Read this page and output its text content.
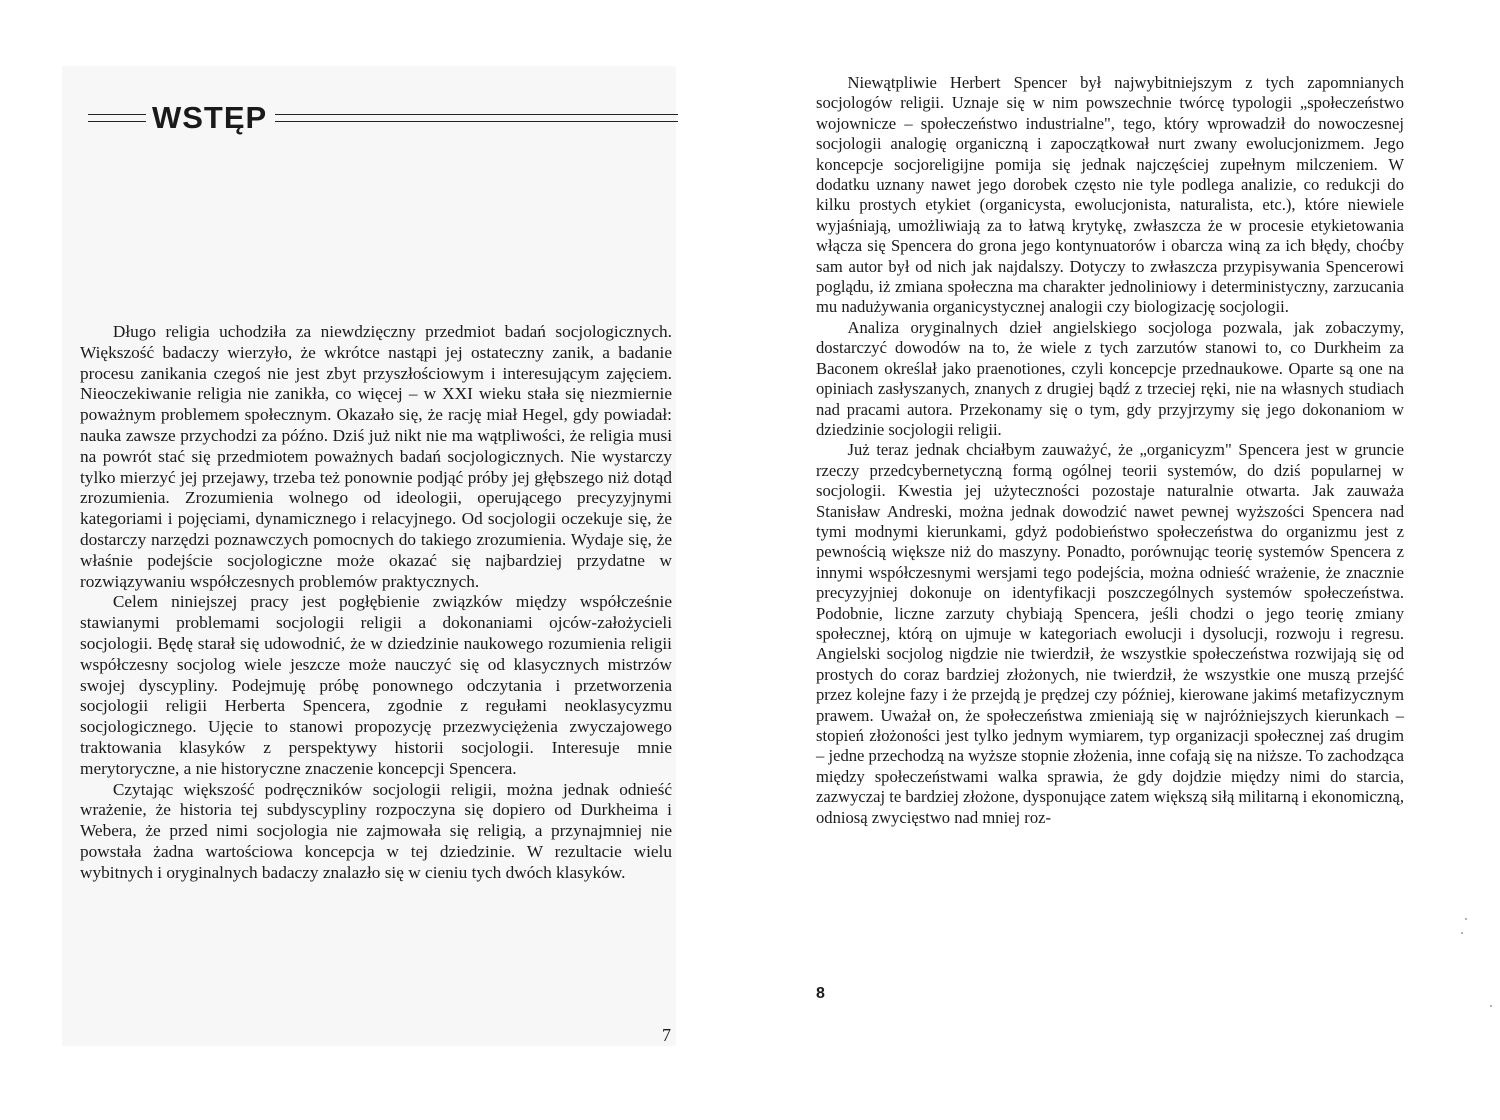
WSTĘP

Długo religia uchodziła za niewdzięczny przedmiot badań socjologicznych. Większość badaczy wierzyło, że wkrótce nastąpi jej ostateczny zanik, a badanie procesu zanikania czegoś nie jest zbyt przyszłościowym i interesującym zajęciem. Nieoczekiwanie religia nie zanikła, co więcej – w XXI wieku stała się niezmiernie poważnym problemem społecznym. Okazało się, że rację miał Hegel, gdy powiadał: nauka zawsze przychodzi za późno. Dziś już nikt nie ma wątpliwości, że religia musi na powrót stać się przedmiotem poważnych badań socjologicznych. Nie wystarczy tylko mierzyć jej przejawy, trzeba też ponownie podjąć próby jej głębszego niż dotąd zrozumienia. Zrozumienia wolnego od ideologii, operującego precyzyjnymi kategoriami i pojęciami, dynamicznego i relacyjnego. Od socjologii oczekuje się, że dostarczy narzędzi poznawczych pomocnych do takiego zrozumienia. Wydaje się, że właśnie podejście socjologiczne może okazać się najbardziej przydatne w rozwiązywaniu współczesnych problemów praktycznych.

Celem niniejszej pracy jest pogłębienie związków między współcześnie stawianymi problemami socjologii religii a dokonaniami ojców-założycieli socjologii. Będę starał się udowodnić, że w dziedzinie naukowego rozumienia religii współczesny socjolog wiele jeszcze może nauczyć się od klasycznych mistrzów swojej dyscypliny. Podejmuję próbę ponownego odczytania i przetworzenia socjologii religii Herberta Spencera, zgodnie z regułami neoklasycyzmu socjologicznego. Ujęcie to stanowi propozycję przezwyciężenia zwyczajowego traktowania klasyków z perspektywy historii socjologii. Interesuje mnie merytoryczne, a nie historyczne znaczenie koncepcji Spencera.

Czytając większość podręczników socjologii religii, można jednak odnieść wrażenie, że historia tej subdyscypliny rozpoczyna się dopiero od Durkheima i Webera, że przed nimi socjologia nie zajmowała się religią, a przynajmniej nie powstała żadna wartościowa koncepcja w tej dziedzinie. W rezultacie wielu wybitnych i oryginalnych badaczy znalazło się w cieniu tych dwóch klasyków.

7

Niewątpliwie Herbert Spencer był najwybitniejszym z tych zapomnianych socjologów religii. Uznaje się w nim powszechnie twórcę typologii „społeczeństwo wojownicze – społeczeństwo industrialne", tego, który wprowadził do nowoczesnej socjologii analogię organiczną i zapoczątkował nurt zwany ewolucjonizmem. Jego koncepcje socjoreligijne pomija się jednak najczęściej zupełnym milczeniem. W dodatku uznany nawet jego dorobek często nie tyle podlega analizie, co redukcji do kilku prostych etykiet (organicysta, ewolucjonista, naturalista, etc.), które niewiele wyjaśniają, umożliwiają za to łatwą krytykę, zwłaszcza że w procesie etykietowania włącza się Spencera do grona jego kontynuatorów i obarcza winą za ich błędy, choćby sam autor był od nich jak najdalszy. Dotyczy to zwłaszcza przypisywania Spencerowi poglądu, iż zmiana społeczna ma charakter jednoliniowy i deterministyczny, zarzucania mu nadużywania organicystycznej analogii czy biologizację socjologii.

Analiza oryginalnych dzieł angielskiego socjologa pozwala, jak zobaczymy, dostarczyć dowodów na to, że wiele z tych zarzutów stanowi to, co Durkheim za Baconem określał jako praenotiones, czyli koncepcje przednaukowe. Oparte są one na opiniach zasłyszanych, znanych z drugiej bądź z trzeciej ręki, nie na własnych studiach nad pracami autora. Przekonamy się o tym, gdy przyjrzymy się jego dokonaniom w dziedzinie socjologii religii.

Już teraz jednak chciałbym zauważyć, że „organicyzm" Spencera jest w gruncie rzeczy przedcybernetyczną formą ogólnej teorii systemów, do dziś popularnej w socjologii. Kwestia jej użyteczności pozostaje naturalnie otwarta. Jak zauważa Stanisław Andreski, można jednak dowodzić nawet pewnej wyższości Spencera nad tymi modnymi kierunkami, gdyż podobieństwo społeczeństwa do organizmu jest z pewnością większe niż do maszyny. Ponadto, porównując teorię systemów Spencera z innymi współczesnymi wersjami tego podejścia, można odnieść wrażenie, że znacznie precyzyjniej dokonuje on identyfikacji poszczególnych systemów społeczeństwa. Podobnie, liczne zarzuty chybiają Spencera, jeśli chodzi o jego teorię zmiany społecznej, którą on ujmuje w kategoriach ewolucji i dysolucji, rozwoju i regresu. Angielski socjolog nigdzie nie twierdził, że wszystkie społeczeństwa rozwijają się od prostych do coraz bardziej złożonych, nie twierdził, że wszystkie one muszą przejść przez kolejne fazy i że przejdą je prędzej czy później, kierowane jakimś metafizycznym prawem. Uważał on, że społeczeństwa zmieniają się w najróżniejszych kierunkach – stopień złożoności jest tylko jednym wymiarem, typ organizacji społecznej zaś drugim – jedne przechodzą na wyższe stopnie złożenia, inne cofają się na niższe. To zachodząca między społeczeństwami walka sprawia, że gdy dojdzie między nimi do starcia, zazwyczaj te bardziej złożone, dysponujące zatem większą siłą militarną i ekonomiczną, odniosą zwycięstwo nad mniej roz-

8
